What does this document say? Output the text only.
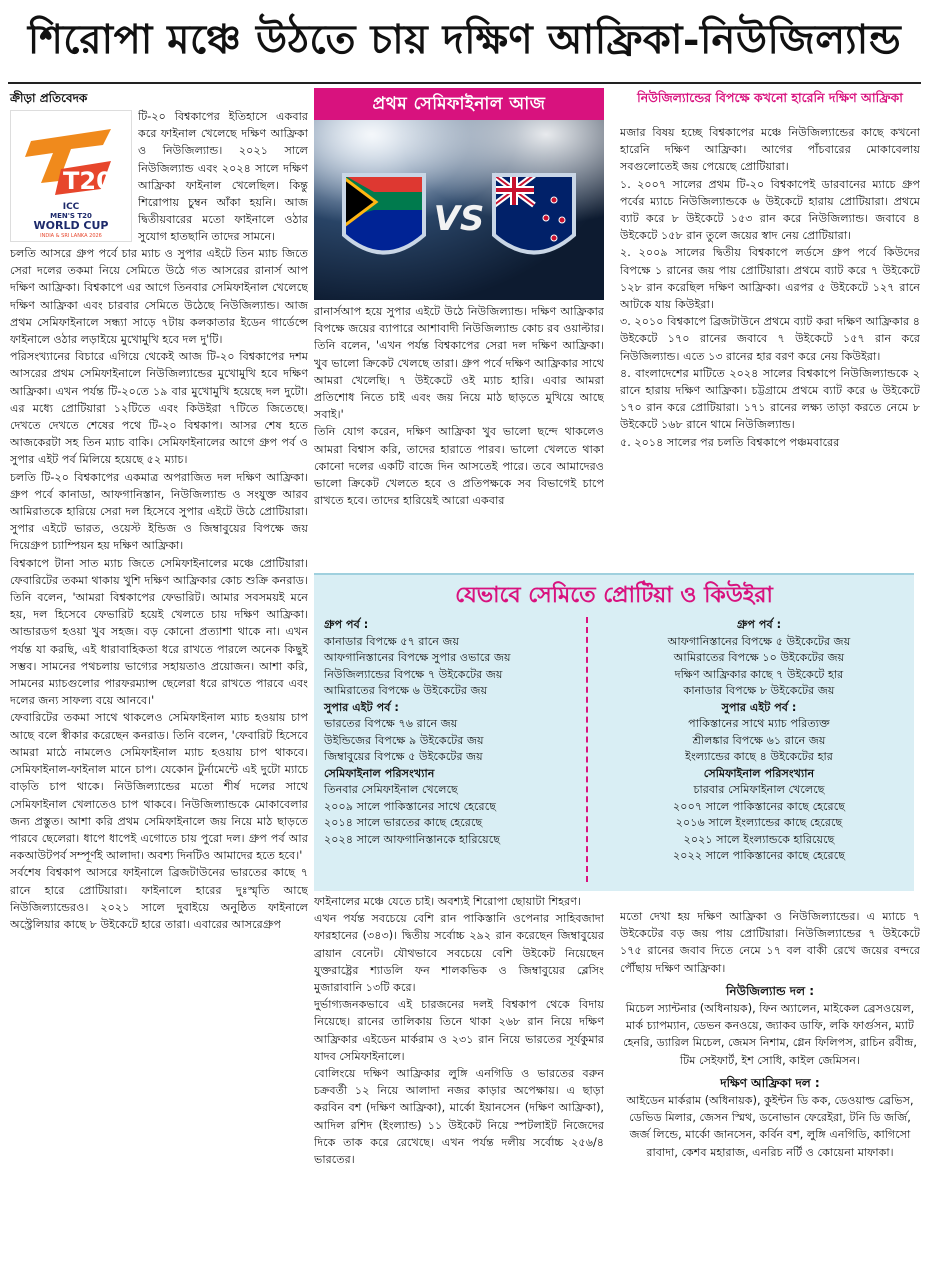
শিরোপা মঞ্চে উঠতে চায় দক্ষিণ আফ্রিকা-নিউজিল্যান্ড
ক্রীড়া প্রতিবেদক
T20
ICC
MEN'S T20
WORLD CUP
INDIA & SRI LANKA 2026

টি-২০ বিশ্বকাপের ইতিহাসে একবার করে ফাইনাল খেলেছে দক্ষিণ আফ্রিকা ও নিউজিল্যান্ড। ২০২১ সালে নিউজিল্যান্ড এবং ২০২৪ সালে দক্ষিণ আফ্রিকা ফাইনাল খেলেছিল। কিন্তু শিরোপায় চুম্বন আঁকা হয়নি। আজ দ্বিতীয়বারের মতো ফাইনালে ওঠার সুযোগ হাতছানি তাদের সামনে।

চলতি আসরে গ্রুপ পর্বে চার ম্যাচ ও সুপার এইটে তিন ম্যাচ জিতে সেরা দলের তকমা নিয়ে সেমিতে উঠে গত আসরের রানার্স আপ দক্ষিণ আফ্রিকা। বিশ্বকাপে এর আগে তিনবার সেমিফাইনাল খেলেছে দক্ষিণ আফ্রিকা এবং চারবার সেমিতে উঠেছে নিউজিল্যান্ড। আজ প্রথম সেমিফাইনালে সন্ধ্যা সাড়ে ৭টায় কলকাতার ইডেন গার্ডেন্সে ফাইনালে ওঠার লড়াইয়ে মুখোমুখি হবে দল দু'টি।

পরিসংখ্যানের বিচারে এগিয়ে থেকেই আজ টি-২০ বিশ্বকাপের দশম আসরের প্রথম সেমিফাইনালে নিউজিল্যান্ডের মুখোমুখি হবে দক্ষিণ আফ্রিকা। এখন পর্যন্ত টি-২০তে ১৯ বার মুখোমুখি হয়েছে দল দুটো। এর মধ্যে প্রোটিয়ারা ১২টিতে এবং কিউইরা ৭টিতে জিতেছে। দেখতে দেখতে শেষের পথে টি-২০ বিশ্বকাপ। আসর শেষ হতে আজকেরটা সহ তিন ম্যাচ বাকি। সেমিফাইনালের আগে গ্রুপ পর্ব ও সুপার এইট পর্ব মিলিয়ে হয়েছে ৫২ ম্যাচ।

চলতি টি-২০ বিশ্বকাপের একমাত্র অপরাজিত দল দক্ষিণ আফ্রিকা। গ্রুপ পর্বে কানাডা, আফগানিস্তান, নিউজিল্যান্ড ও সংযুক্ত আরব আমিরাতকে হারিয়ে সেরা দল হিসেবে সুপার এইটে উঠে প্রোটিয়ারা। সুপার এইটে ভারত, ওয়েস্ট ইন্ডিজ ও জিম্বাবুয়ের বিপক্ষে জয় দিয়েগ্রুপ চ্যাম্পিয়ন হয় দক্ষিণ আফ্রিকা।

বিশ্বকাপে টানা সাত ম্যাচ জিতে সেমিফাইনালের মঞ্চে প্রোটিয়ারা। ফেবারিটের তকমা থাকায় খুশি দক্ষিণ আফ্রিকার কোচ শুক্রি কনরাড। তিনি বলেন, 'আমরা বিশ্বকাপের ফেভারিট। আমার সবসময়ই মনে হয়, দল হিসেবে ফেভারিট হয়েই খেলতে চায় দক্ষিণ আফ্রিকা। আন্ডারডগ হওয়া খুব সহজ। বড় কোনো প্রত্যাশা থাকে না। এখন পর্যন্ত যা করছি, এই ধারাবাহিকতা ধরে রাখতে পারলে অনেক কিছুই সম্ভব। সামনের পথচলায় ভাগ্যের সহায়তাও প্রয়োজন। আশা করি, সামনের ম্যাচগুলোর পারফরম্যান্স ছেলেরা ধরে রাখতে পারবে এবং দলের জন্য সাফল্য বয়ে আনবে।'

ফেবারিটের তকমা সাথে থাকলেও সেমিফাইনাল ম্যাচ হওয়ায় চাপ আছে বলে স্বীকার করেছেন কনরাড। তিনি বলেন, 'ফেবারিট হিসেবে আমরা মাঠে নামলেও সেমিফাইনাল ম্যাচ হওয়ায় চাপ থাকবে। সেমিফাইনাল-ফাইনাল মানে চাপ। যেকোন টুর্নামেন্টে এই দুটো ম্যাচে বাড়তি চাপ থাকে। নিউজিল্যান্ডের মতো শীর্ষ দলের সাথে সেমিফাইনাল খেলাতেও চাপ থাকবে। নিউজিল্যান্ডকে মোকাবেলার জন্য প্রস্তুত। আশা করি প্রথম সেমিফাইনালে জয় নিয়ে মাঠ ছাড়তে পারবে ছেলেরা। ধাপে ধাপেই এগোতে চায় পুরো দল। গ্রুপ পর্ব আর নকআউটপর্ব সম্পূর্ণই আলাদা। অবশ্য দিনটিও আমাদের হতে হবে।'

সর্বশেষ বিশ্বকাপ আসরে ফাইনালে ব্রিজটাউনের ভারতের কাছে ৭ রানে হারে প্রোটিয়ারা। ফাইনালে হারের দুঃস্মৃতি আছে নিউজিল্যান্ডেরও। ২০২১ সালে দুবাইয়ে অনুষ্ঠিত ফাইনালে অস্ট্রেলিয়ার কাছে ৮ উইকেটে হারে তারা। এবারের আসরেগ্রুপ

প্রথম সেমিফাইনাল আজ
VS

রানার্সআপ হয়ে সুপার এইটে উঠে নিউজিল্যান্ড। দক্ষিণ আফ্রিকার বিপক্ষে জয়ের ব্যাপারে আশাবাদী নিউজিল্যান্ড কোচ রব ওয়াল্টার। তিনি বলেন, 'এখন পর্যন্ত বিশ্বকাপের সেরা দল দক্ষিণ আফ্রিকা। খুব ভালো ক্রিকেট খেলছে তারা। গ্রুপ পর্বে দক্ষিণ আফ্রিকার সাথে আমরা খেলেছি। ৭ উইকেটে ওই ম্যাচ হারি। এবার আমরা প্রতিশোধ নিতে চাই এবং জয় নিয়ে মাঠ ছাড়তে মুখিয়ে আছে সবাই।'

তিনি যোগ করেন, দক্ষিণ আফ্রিকা খুব ভালো ছন্দে থাকলেও আমরা বিশ্বাস করি, তাদের হারাতে পারব। ভালো খেলতে থাকা কোনো দলের একটি বাজে দিন আসতেই পারে। তবে আমাদেরও ভালো ক্রিকেট খেলতে হবে ও প্রতিপক্ষকে সব বিভাগেই চাপে রাখতে হবে। তাদের হারিয়েই আরো একবার

নিউজিল্যান্ডের বিপক্ষে কখনো হারেনি দক্ষিণ আফ্রিকা

মজার বিষয় হচ্ছে বিশ্বকাপের মঞ্চে নিউজিল্যান্ডের কাছে কখনো হারেনি দক্ষিণ আফ্রিকা। আগের পাঁচবারের মোকাবেলায় সবগুলোতেই জয় পেয়েছে প্রোটিয়ারা।

১. ২০০৭ সালের প্রথম টি-২০ বিশ্বকাপেই ডারবানের ম্যাচে গ্রুপ পর্বের ম্যাচে নিউজিল্যান্ডকে ৬ উইকেটে হারায় প্রোটিয়ারা। প্রথমে ব্যাট করে ৮ উইকেটে ১৫৩ রান করে নিউজিল্যান্ড। জবাবে ৪ উইকেটে ১৫৮ রান তুলে জয়ের স্বাদ নেয় প্রোটিয়ারা।

২. ২০০৯ সালের দ্বিতীয় বিশ্বকাপে লর্ডসে গ্রুপ পর্বে কিউদের বিপক্ষে ১ রানের জয় পায় প্রোটিয়ারা। প্রথমে ব্যাট করে ৭ উইকেটে ১২৮ রান করেছিল দক্ষিণ আফ্রিকা। এরপর ৫ উইকেটে ১২৭ রানে আটকে যায় কিউইরা।

৩. ২০১০ বিশ্বকাপে ব্রিজটাউনে প্রথমে ব্যাট করা দক্ষিণ আফ্রিকার ৪ উইকেটে ১৭০ রানের জবাবে ৭ উইকেটে ১৫৭ রান করে নিউজিল্যান্ড। এতে ১৩ রানের হার বরণ করে নেয় কিউইরা।

৪. বাংলাদেশের মাটিতে ২০২৪ সালের বিশ্বকাপে নিউজিল্যান্ডকে ২ রানে হারায় দক্ষিণ আফ্রিকা। চট্টগ্রামে প্রথমে ব্যাট করে ৬ উইকেটে ১৭০ রান করে প্রোটিয়ারা। ১৭১ রানের লক্ষ্য তাড়া করতে নেমে ৮ উইকেটে ১৬৮ রানে থামে নিউজিল্যান্ড।

৫. ২০১৪ সালের পর চলতি বিশ্বকাপে পঞ্চমবারের

যেভাবে সেমিতে প্রোটিয়া ও কিউইরা
গ্রুপ পর্ব :
কানাডার বিপক্ষে ৫৭ রানে জয়
আফগানিস্তানের বিপক্ষে সুপার ওভারে জয়
নিউজিল্যান্ডের বিপক্ষে ৭ উইকেটের জয়
আমিরাতের বিপক্ষে ৬ উইকেটের জয়
সুপার এইট পর্ব :
ভারতের বিপক্ষে ৭৬ রানে জয়
উইন্ডিজের বিপক্ষে ৯ উইকেটের জয়
জিম্বাবুয়ের বিপক্ষে ৫ উইকেটের জয়
সেমিফাইনাল পরিসংখ্যান
তিনবার সেমিফাইনাল খেলেছে
২০০৯ সালে পাকিস্তানের সাথে হেরেছে
২০১৪ সালে ভারতের কাছে হেরেছে
২০২৪ সালে আফগানিস্তানকে হারিয়েছে
গ্রুপ পর্ব :
আফগানিস্তানের বিপক্ষে ৫ উইকেটের জয়
আমিরাতের বিপক্ষে ১০ উইকেটের জয়
দক্ষিণ আফ্রিকার কাছে ৭ উইকেটে হার
কানাডার বিপক্ষে ৮ উইকেটের জয়
সুপার এইট পর্ব :
পাকিস্তানের সাথে ম্যাচ পরিত্যক্ত
শ্রীলঙ্কার বিপক্ষে ৬১ রানে জয়
ইংল্যান্ডের কাছে ৪ উইকেটের হার
সেমিফাইনাল পরিসংখ্যান
চারবার সেমিফাইনাল খেলেছে
২০০৭ সালে পাকিস্তানের কাছে হেরেছে
২০১৬ সালে ইংল্যান্ডের কাছে হেরেছে
২০২১ সালে ইংল্যান্ডকে হারিয়েছে
২০২২ সালে পাকিস্তানের কাছে হেরেছে

ফাইনালের মঞ্চে যেতে চাই। অবশ্যই শিরোপা ছোয়াটা শিহরণ।

এখন পর্যন্ত সবচেয়ে বেশি রান পাকিস্তানি ওপেনার সাহিবজাদা ফারহানের (৩৪৩)। দ্বিতীয় সর্বোচ্চ ২৯২ রান করেছেন জিম্বাবুয়ের ব্রায়ান বেনেট। যৌথভাবে সবচেয়ে বেশি উইকেট নিয়েছেন যুক্তরাষ্ট্রের শ্যাডলি ফন শালকভিক ও জিম্বাবুয়ের ব্লেসিং মুজারাবানি ১৩টি করে।

দুর্ভাগ্যজনকভাবে এই চারজনের দলই বিশ্বকাপ থেকে বিদায় নিয়েছে। রানের তালিকায় তিনে থাকা ২৬৮ রান নিয়ে দক্ষিণ আফ্রিকার এইডেন মার্করাম ও ২৩১ রান নিয়ে ভারতের সূর্যকুমার যাদব সেমিফাইনালে।

বোলিংয়ে দক্ষিণ আফ্রিকার লুঙ্গি এনগিডি ও ভারতের বরুন চক্রবর্তী ১২ নিয়ে আলাদা নজর কাড়ার অপেক্ষায়। এ ছাড়া করবিন বশ (দক্ষিণ আফ্রিকা), মার্কো ইয়ানসেন (দক্ষিণ আফ্রিকা), আদিল রশিদ (ইংল্যান্ড) ১১ উইকেট নিয়ে স্পটলাইট নিজেদের দিকে তাক করে রেখেছে। এখন পর্যন্ত দলীয় সর্বোচ্চ ২৫৬/৪ ভারতের।

মতো দেখা হয় দক্ষিণ আফ্রিকা ও নিউজিল্যান্ডের। এ ম্যাচে ৭ উইকেটের বড় জয় পায় প্রোটিয়ারা। নিউজিল্যান্ডের ৭ উইকেটে ১৭৫ রানের জবাব দিতে নেমে ১৭ বল বাকী রেখে জয়ের বন্দরে পৌঁছায় দক্ষিণ আফ্রিকা।

নিউজিল্যান্ড দল :
মিচেল স্যান্টনার (অধিনায়ক), ফিন অ্যালেন, মাইকেল ব্রেসওয়েল, মার্ক চ্যাপম্যান, ডেভন কনওয়ে, জ্যাকব ডাফি, লকি ফার্গুসন, ম্যাট হেনরি, ড্যারিল মিচেল, জেমস নিশাম, গ্লেন ফিলিপস, রাচিন রবীন্দ্র, টিম সেইফার্ট, ইশ সোধি, কাইল জেমিসন।
দক্ষিণ আফ্রিকা দল :
আইডেন মার্করাম (অধিনায়ক), কুইন্টন ডি কক, ডেওয়াল্ড ব্রেভিস, ডেভিড মিলার, জেসন স্মিথ, ডনোভান ফেরেইরা, টনি ডি জর্জি, জর্জ লিন্ডে, মার্কো জানসেন, কর্বিন বশ, লুঙ্গি এনগিডি, কাগিসো রাবাদা, কেশব মহারাজ, এনরিচ নর্টি ও কোয়েনা মাফাকা।
